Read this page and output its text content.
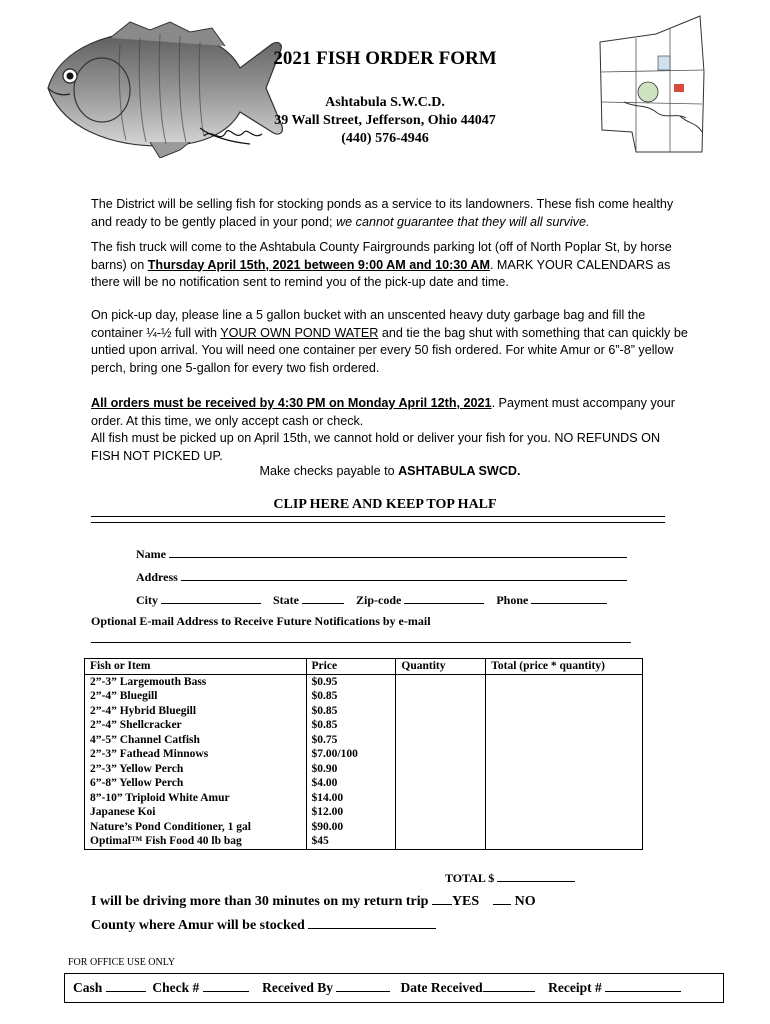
2021 FISH ORDER FORM
Ashtabula S.W.C.D.
39 Wall Street, Jefferson, Ohio 44047
(440) 576-4946

The District will be selling fish for stocking ponds as a service to its landowners. These fish come healthy and ready to be gently placed in your pond; we cannot guarantee that they will all survive.

The fish truck will come to the Ashtabula County Fairgrounds parking lot (off of North Poplar St, by horse barns) on Thursday April 15th, 2021 between 9:00 AM and 10:30 AM. MARK YOUR CALENDARS as there will be no notification sent to remind you of the pick-up date and time.

On pick-up day, please line a 5 gallon bucket with an unscented heavy duty garbage bag and fill the container ¼-½ full with YOUR OWN POND WATER and tie the bag shut with something that can quickly be untied upon arrival. You will need one container per every 50 fish ordered. For white Amur or 6”-8” yellow perch, bring one 5-gallon for every two fish ordered.

All orders must be received by 4:30 PM on Monday April 12th, 2021. Payment must accompany your order. At this time, we only accept cash or check.

All fish must be picked up on April 15th, we cannot hold or deliver your fish for you. NO REFUNDS ON FISH NOT PICKED UP.

Make checks payable to ASHTABULA SWCD.

CLIP HERE AND KEEP TOP HALF
Name
Address
City	State	Zip-code	Phone
Optional E-mail Address to Receive Future Notifications by e-mail
Fish or Item	Price	Quantity	Total (price * quantity)
2”-3” Largemouth Bass	$0.95		
2”-4” Bluegill	$0.85		
2”-4” Hybrid Bluegill	$0.85		
2”-4” Shellcracker	$0.85		
4”-5” Channel Catfish	$0.75		
2”-3” Fathead Minnows	$7.00/100		
2”-3” Yellow Perch	$0.90		
6”-8” Yellow Perch	$4.00		
8”-10” Triploid White Amur	$14.00		
Japanese Koi	$12.00		
Nature’s Pond Conditioner, 1 gal	$90.00		
Optimal™ Fish Food 40 lb bag	$45		
TOTAL $
I will be driving more than 30 minutes on my return trip YES	NO
County where Amur will be stocked
FOR OFFICE USE ONLY
Cash	Check #	Received By	Date Received	Receipt #
